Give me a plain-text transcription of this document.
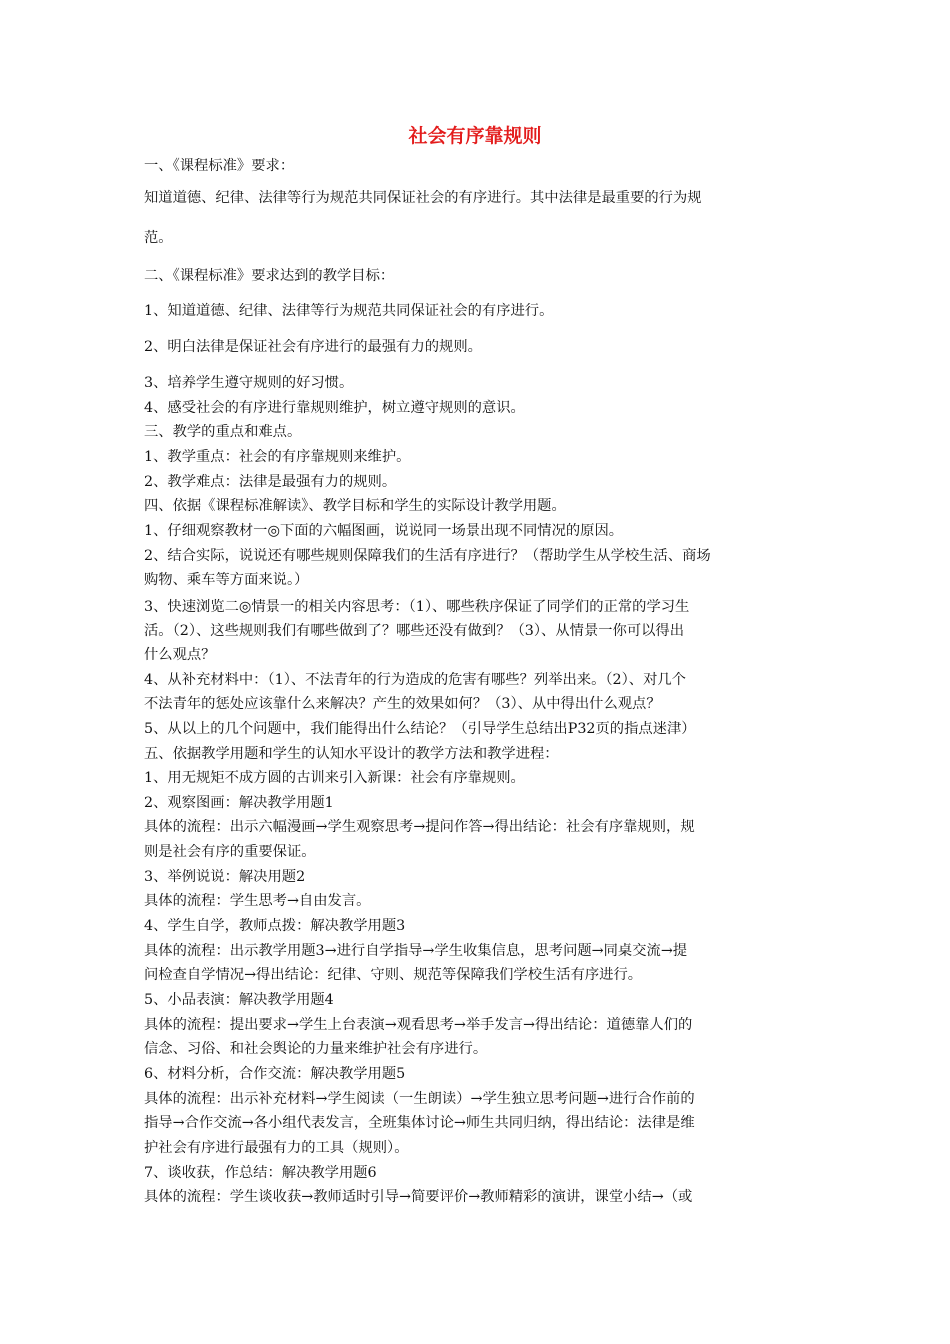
社会有序靠规则
一、《课程标准》要求：
知道道德、纪律、法律等行为规范共同保证社会的有序进行。其中法律是最重要的行为规
范。
二、《课程标准》要求达到的教学目标：
1、知道道德、纪律、法律等行为规范共同保证社会的有序进行。
2、明白法律是保证社会有序进行的最强有力的规则。
3、培养学生遵守规则的好习惯。
4、感受社会的有序进行靠规则维护，树立遵守规则的意识。
三、教学的重点和难点。
1、教学重点：社会的有序靠规则来维护。
2、教学难点：法律是最强有力的规则。
四、依据《课程标准解读》、教学目标和学生的实际设计教学用题。
1、仔细观察教材一◎下面的六幅图画，说说同一场景出现不同情况的原因。
2、结合实际，说说还有哪些规则保障我们的生活有序进行？（帮助学生从学校生活、商场
购物、乘车等方面来说。）
3、快速浏览二◎情景一的相关内容思考：（1）、哪些秩序保证了同学们的正常的学习生
活。（2）、这些规则我们有哪些做到了？哪些还没有做到？（3）、从情景一你可以得出
什么观点？
4、从补充材料中：（1）、不法青年的行为造成的危害有哪些？列举出来。（2）、对几个
不法青年的惩处应该靠什么来解决？产生的效果如何？（3）、从中得出什么观点？
5、从以上的几个问题中，我们能得出什么结论？（引导学生总结出P32页的指点迷津）
五、依据教学用题和学生的认知水平设计的教学方法和教学进程：
1、用无规矩不成方圆的古训来引入新课：社会有序靠规则。
2、观察图画：解决教学用题1
具体的流程：出示六幅漫画→学生观察思考→提问作答→得出结论：社会有序靠规则，规
则是社会有序的重要保证。
3、举例说说：解决用题2
具体的流程：学生思考→自由发言。
4、学生自学，教师点拨：解决教学用题3
具体的流程：出示教学用题3→进行自学指导→学生收集信息，思考问题→同桌交流→提
问检查自学情况→得出结论：纪律、守则、规范等保障我们学校生活有序进行。
5、小品表演：解决教学用题4
具体的流程：提出要求→学生上台表演→观看思考→举手发言→得出结论：道德靠人们的
信念、习俗、和社会舆论的力量来维护社会有序进行。
6、材料分析，合作交流：解决教学用题5
具体的流程：出示补充材料→学生阅读（一生朗读）→学生独立思考问题→进行合作前的
指导→合作交流→各小组代表发言，全班集体讨论→师生共同归纳，得出结论：法律是维
护社会有序进行最强有力的工具（规则）。
7、谈收获，作总结：解决教学用题6
具体的流程：学生谈收获→教师适时引导→简要评价→教师精彩的演讲，课堂小结→（或
